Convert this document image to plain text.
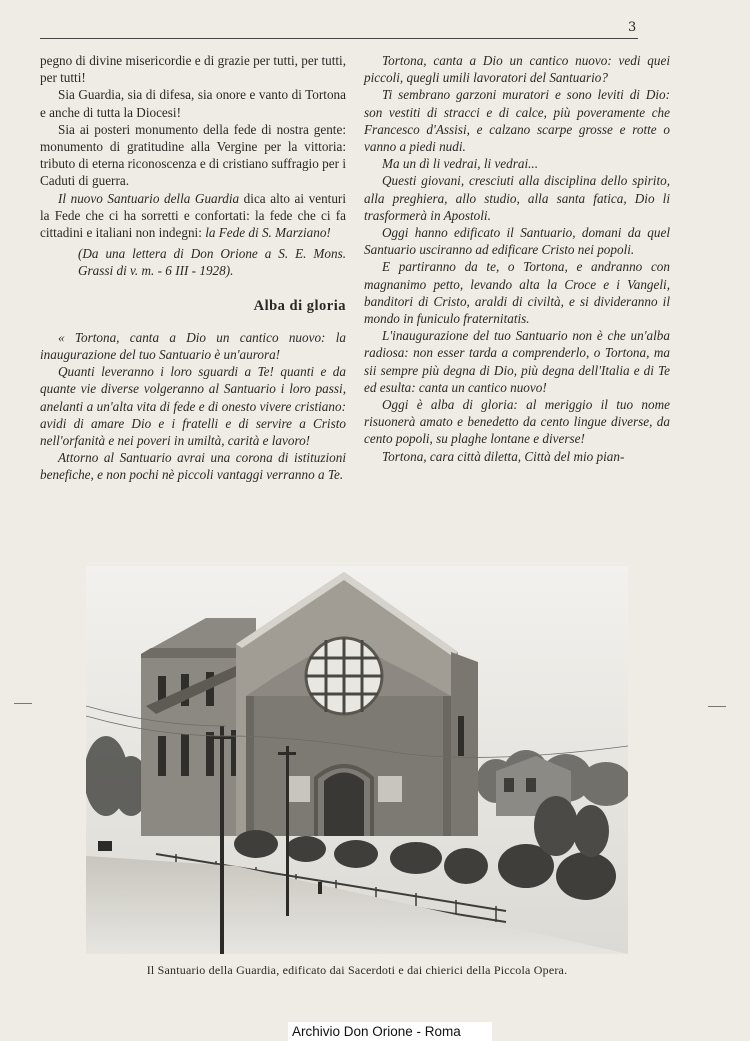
3

pegno di divine misericordie e di grazie per tutti, per tutti, per tutti!

Sia Guardia, sia di difesa, sia onore e vanto di Tortona e anche di tutta la Diocesi!

Sia ai posteri monumento della fede di nostra gente: monumento di gratitudine alla Vergine per la vittoria: tributo di eterna riconoscenza e di cristiano suffragio per i Caduti di guerra.

Il nuovo Santuario della Guardia dica alto ai venturi la Fede che ci ha sorretti e confortati: la fede che ci fa cittadini e italiani non indegni: la Fede di S. Marziano!

(Da una lettera di Don Orione a S. E. Mons. Grassi di v. m. - 6 III - 1928).

Alba di gloria

« Tortona, canta a Dio un cantico nuovo: la inaugurazione del tuo Santuario è un'aurora!

Quanti leveranno i loro sguardi a Te! quanti e da quante vie diverse volgeranno al Santuario i loro passi, anelanti a un'alta vita di fede e di onesto vivere cristiano: avidi di amare Dio e i fratelli e di servire a Cristo nell'orfanità e nei poveri in umiltà, carità e lavoro!

Attorno al Santuario avrai una corona di istituzioni benefiche, e non pochi nè piccoli vantaggi verranno a Te.

Tortona, canta a Dio un cantico nuovo: vedi quei piccoli, quegli umili lavoratori del Santuario?

Ti sembrano garzoni muratori e sono leviti di Dio: son vestiti di stracci e di calce, più poveramente che Francesco d'Assisi, e calzano scarpe grosse e rotte o vanno a piedi nudi.

Ma un dì li vedrai, li vedrai...

Questi giovani, cresciuti alla disciplina dello spirito, alla preghiera, allo studio, alla santa fatica, Dio li trasformerà in Apostoli.

Oggi hanno edificato il Santuario, domani da quel Santuario usciranno ad edificare Cristo nei popoli.

E partiranno da te, o Tortona, e andranno con magnanimo petto, levando alta la Croce e i Vangeli, banditori di Cristo, araldi di civiltà, e si divideranno il mondo in funiculo fraternitatis.

L'inaugurazione del tuo Santuario non è che un'alba radiosa: non esser tarda a comprenderlo, o Tortona, ma sii sempre più degna di Dio, più degna dell'Italia e di Te ed esulta: canta un cantico nuovo!

Oggi è alba di gloria: al meriggio il tuo nome risuonerà amato e benedetto da cento lingue diverse, da cento popoli, su plaghe lontane e diverse!

Tortona, cara città diletta, Città del mio pian-

Il Santuario della Guardia, edificato dai Sacerdoti e dai chierici della Piccola Opera.
Archivio Don Orione - Roma
